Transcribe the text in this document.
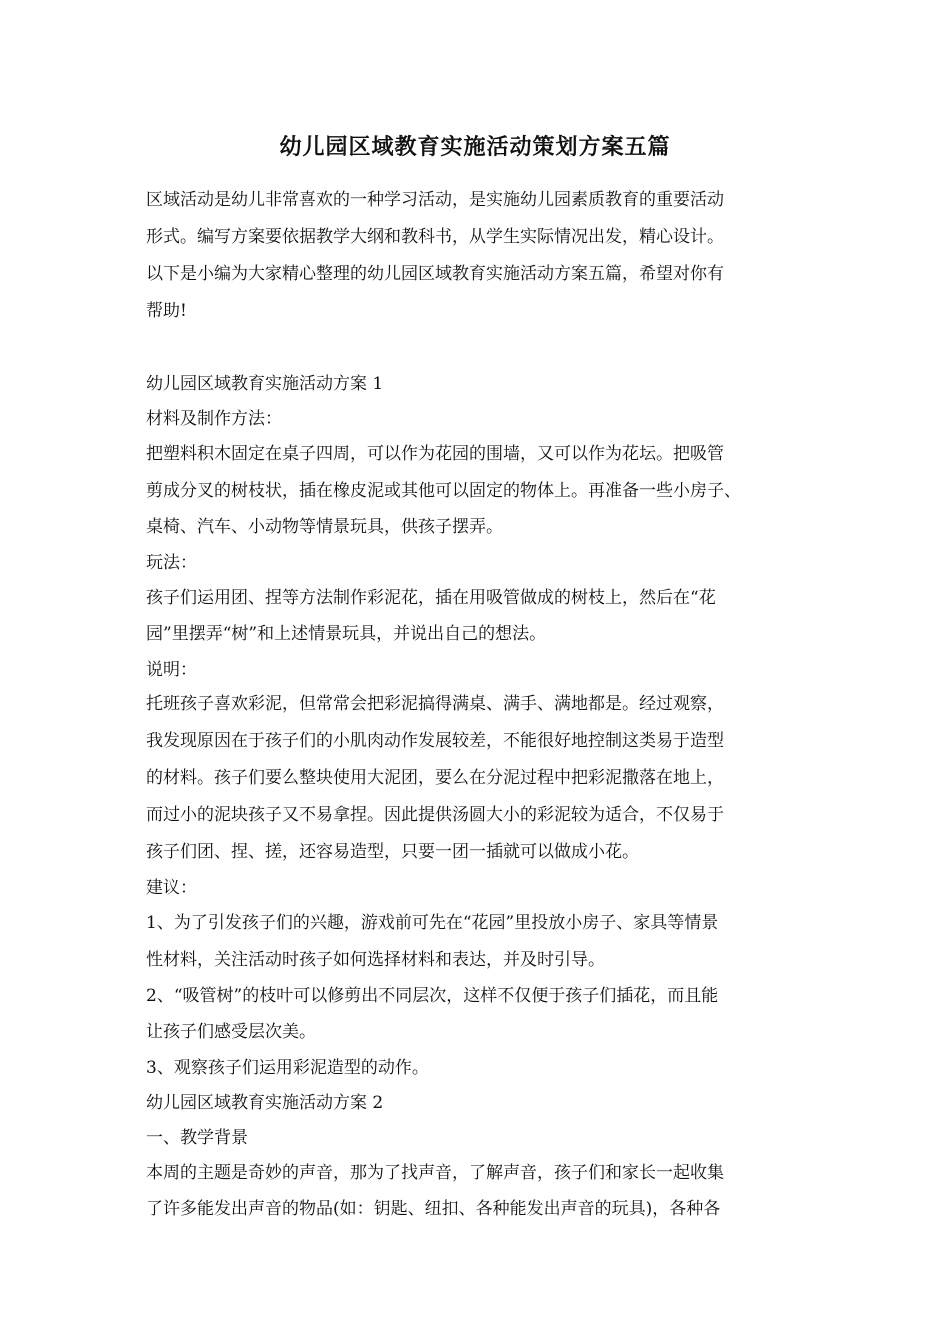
幼儿园区域教育实施活动策划方案五篇

区域活动是幼儿非常喜欢的一种学习活动，是实施幼儿园素质教育的重要活动

形式。编写方案要依据教学大纲和教科书，从学生实际情况出发，精心设计。

以下是小编为大家精心整理的幼儿园区域教育实施活动方案五篇，希望对你有

帮助!

幼儿园区域教育实施活动方案 1

材料及制作方法：

把塑料积木固定在桌子四周，可以作为花园的围墙，又可以作为花坛。把吸管

剪成分叉的树枝状，插在橡皮泥或其他可以固定的物体上。再准备一些小房子、

桌椅、汽车、小动物等情景玩具，供孩子摆弄。

玩法：

孩子们运用团、捏等方法制作彩泥花，插在用吸管做成的树枝上，然后在“花

园”里摆弄“树”和上述情景玩具，并说出自己的想法。

说明：

托班孩子喜欢彩泥，但常常会把彩泥搞得满桌、满手、满地都是。经过观察，

我发现原因在于孩子们的小肌肉动作发展较差，不能很好地控制这类易于造型

的材料。孩子们要么整块使用大泥团，要么在分泥过程中把彩泥撒落在地上，

而过小的泥块孩子又不易拿捏。因此提供汤圆大小的彩泥较为适合，不仅易于

孩子们团、捏、搓，还容易造型，只要一团一插就可以做成小花。

建议：

1、为了引发孩子们的兴趣，游戏前可先在“花园”里投放小房子、家具等情景

性材料，关注活动时孩子如何选择材料和表达，并及时引导。

2、“吸管树”的枝叶可以修剪出不同层次，这样不仅便于孩子们插花，而且能

让孩子们感受层次美。

3、观察孩子们运用彩泥造型的动作。

幼儿园区域教育实施活动方案 2

一、教学背景

本周的主题是奇妙的声音，那为了找声音，了解声音，孩子们和家长一起收集

了许多能发出声音的物品(如：钥匙、纽扣、各种能发出声音的玩具)，各种各
